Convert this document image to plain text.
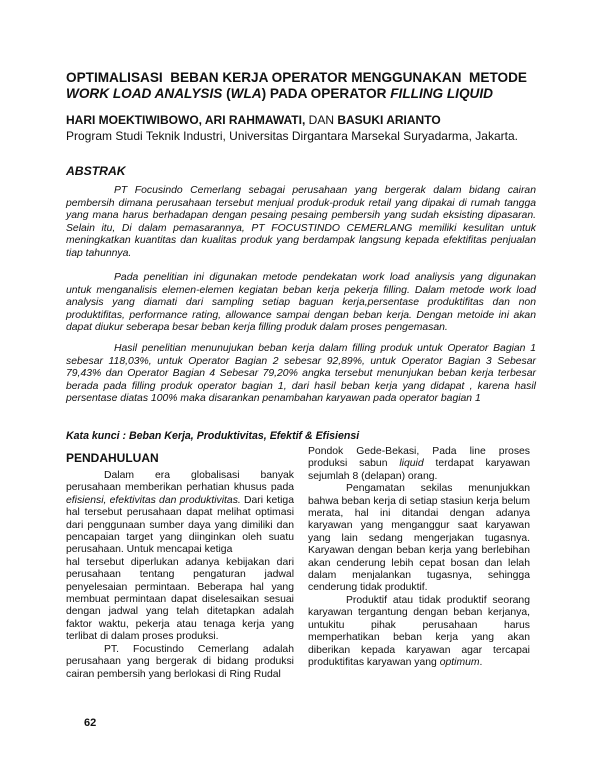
OPTIMALISASI  BEBAN KERJA OPERATOR MENGGUNAKAN  METODE
WORK LOAD ANALYSIS (WLA) PADA OPERATOR FILLING LIQUID
HARI MOEKTIWIBOWO, ARI RAHMAWATI, DAN BASUKI ARIANTO
Program Studi Teknik Industri, Universitas Dirgantara Marsekal Suryadarma, Jakarta.
ABSTRAK

PT Focusindo Cemerlang sebagai perusahaan yang bergerak dalam bidang cairan pembersih dimana perusahaan tersebut menjual produk-produk retail yang dipakai di rumah tangga yang mana harus berhadapan dengan pesaing pesaing pembersih yang sudah eksisting dipasaran. Selain itu, Di dalam pemasarannya, PT FOCUSTINDO CEMERLANG memiliki kesulitan untuk meningkatkan kuantitas dan kualitas produk yang berdampak langsung kepada efektifitas penjualan tiap tahunnya.

Pada penelitian ini digunakan metode pendekatan work load analiysis yang digunakan untuk menganalisis elemen-elemen kegiatan beban kerja pekerja filling. Dalam metode work load analysis yang diamati dari sampling setiap baguan kerja,persentase produktifitas dan non produktifitas, performance rating, allowance sampai dengan beban kerja. Dengan metoide ini akan dapat diukur seberapa besar beban kerja filling produk dalam proses pengemasan.

Hasil penelitian menunujukan beban kerja dalam filling produk untuk Operator Bagian 1 sebesar 118,03%, untuk Operator Bagian 2 sebesar 92,89%, untuk Operator Bagian 3 Sebesar 79,43% dan Operator Bagian 4 Sebesar 79,20% angka tersebut menunjukan beban kerja terbesar berada pada filling produk operator bagian 1, dari hasil beban kerja yang didapat , karena hasil persentase diatas 100% maka disarankan penambahan karyawan pada operator bagian 1

Kata kunci : Beban Kerja, Produktivitas, Efektif & Efisiensi
PENDAHULUAN

Dalam era globalisasi banyak perusahaan memberikan perhatian khusus pada efisiensi, efektivitas dan produktivitas. Dari ketiga hal tersebut perusahaan dapat melihat optimasi dari penggunaan sumber daya yang dimiliki dan pencapaian target yang diinginkan oleh suatu perusahaan. Untuk mencapai ketiga

hal tersebut diperlukan adanya kebijakan dari perusahaan tentang pengaturan jadwal penyelesaian permintaan. Beberapa hal yang membuat permintaan dapat diselesaikan sesuai dengan jadwal yang telah ditetapkan adalah faktor waktu, pekerja atau tenaga kerja yang terlibat di dalam proses produksi.

PT. Focustindo Cemerlang adalah perusahaan yang bergerak di bidang produksi cairan pembersih yang berlokasi di Ring Rudal

Pondok Gede-Bekasi, Pada line proses produksi sabun liquid terdapat karyawan sejumlah 8 (delapan) orang.

Pengamatan sekilas menunjukkan bahwa beban kerja di setiap stasiun kerja belum merata, hal ini ditandai dengan adanya karyawan yang menganggur saat karyawan yang lain sedang mengerjakan tugasnya. Karyawan dengan beban kerja yang berlebihan akan cenderung lebih cepat bosan dan lelah dalam menjalankan tugasnya, sehingga cenderung tidak produktif.

Produktif atau tidak produktif seorang karyawan tergantung dengan beban kerjanya, untukitu pihak perusahaan harus memperhatikan beban kerja yang akan diberikan kepada karyawan agar tercapai produktifitas karyawan yang optimum.

62
